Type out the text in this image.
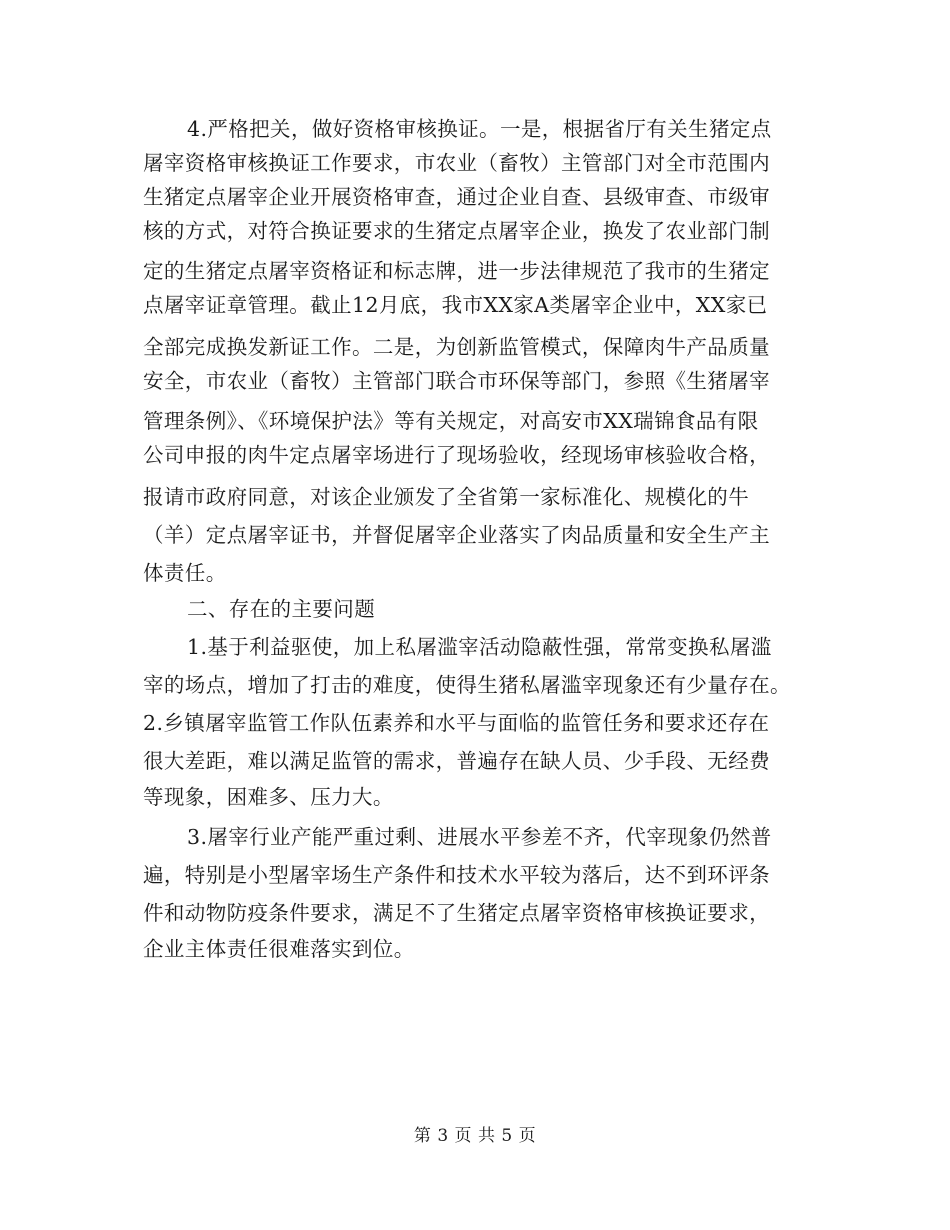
4.严格把关，做好资格审核换证。一是，根据省厅有关生猪定点
屠宰资格审核换证工作要求，市农业（畜牧）主管部门对全市范围内
生猪定点屠宰企业开展资格审查，通过企业自查、县级审查、市级审
核的方式，对符合换证要求的生猪定点屠宰企业，换发了农业部门制
定的生猪定点屠宰资格证和标志牌，进一步法律规范了我市的生猪定
点屠宰证章管理。截止12月底，我市XX家A类屠宰企业中，XX家已
全部完成换发新证工作。二是，为创新监管模式，保障肉牛产品质量
安全，市农业（畜牧）主管部门联合市环保等部门，参照《生猪屠宰
管理条例》、《环境保护法》等有关规定，对高安市XX瑞锦食品有限
公司申报的肉牛定点屠宰场进行了现场验收，经现场审核验收合格，
报请市政府同意，对该企业颁发了全省第一家标准化、规模化的牛
（羊）定点屠宰证书，并督促屠宰企业落实了肉品质量和安全生产主
体责任。
二、存在的主要问题
1.基于利益驱使，加上私屠滥宰活动隐蔽性强，常常变换私屠滥
宰的场点，增加了打击的难度，使得生猪私屠滥宰现象还有少量存在。
2.乡镇屠宰监管工作队伍素养和水平与面临的监管任务和要求还存在
很大差距，难以满足监管的需求，普遍存在缺人员、少手段、无经费
等现象，困难多、压力大。
3.屠宰行业产能严重过剩、进展水平参差不齐，代宰现象仍然普
遍，特别是小型屠宰场生产条件和技术水平较为落后，达不到环评条
件和动物防疫条件要求，满足不了生猪定点屠宰资格审核换证要求，
企业主体责任很难落实到位。
第 3 页 共 5 页
